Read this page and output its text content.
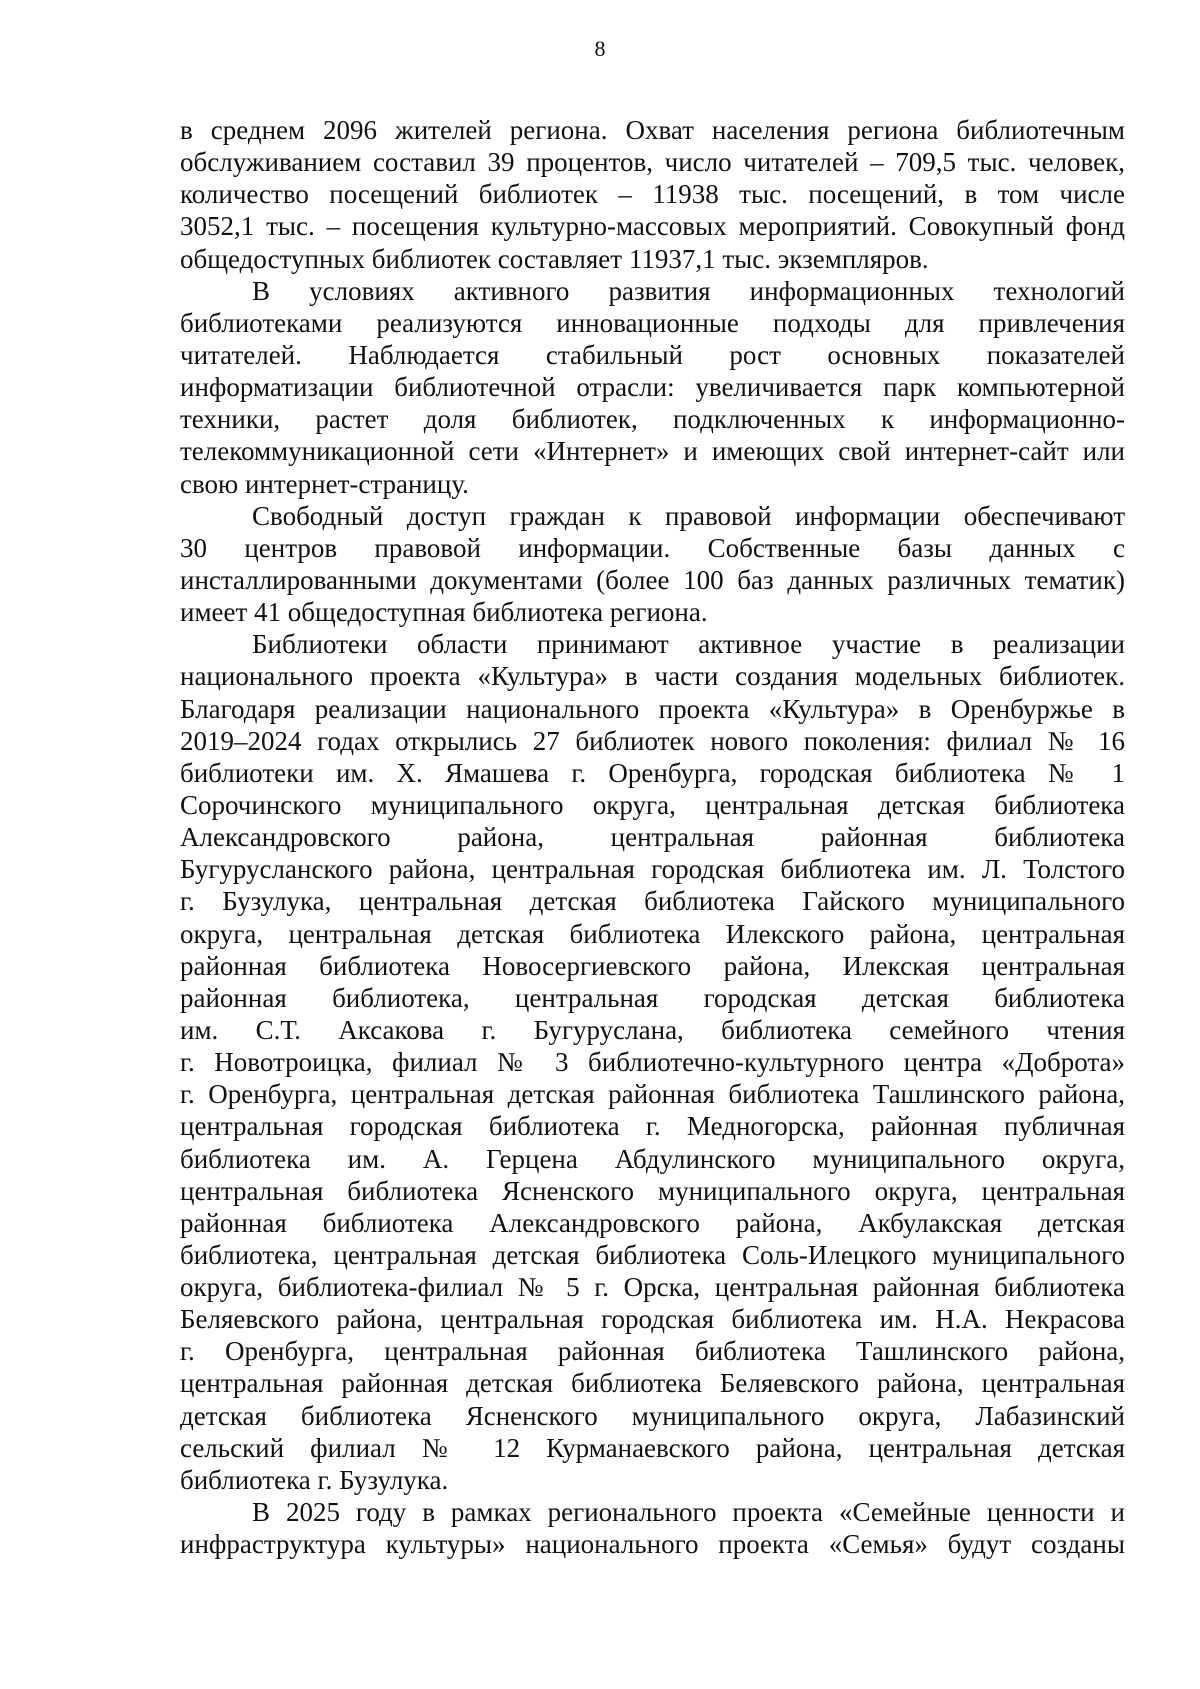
8
в среднем 2096 жителей региона. Охват населения региона библиотечным
обслуживанием составил 39 процентов, число читателей – 709,5 тыс. человек,
количество посещений библиотек – 11938 тыс. посещений, в том числе
3052,1 тыс. – посещения культурно-массовых мероприятий. Совокупный фонд
общедоступных библиотек составляет 11937,1 тыс. экземпляров.
В условиях активного развития информационных технологий
библиотеками реализуются инновационные подходы для привлечения
читателей. Наблюдается стабильный рост основных показателей
информатизации библиотечной отрасли: увеличивается парк компьютерной
техники, растет доля библиотек, подключенных к информационно-
телекоммуникационной сети «Интернет» и имеющих свой интернет-сайт или
свою интернет-страницу.
Свободный доступ граждан к правовой информации обеспечивают
30 центров правовой информации. Собственные базы данных с
инсталлированными документами (более 100 баз данных различных тематик)
имеет 41 общедоступная библиотека региона.
Библиотеки области принимают активное участие в реализации
национального проекта «Культура» в части создания модельных библиотек.
Благодаря реализации национального проекта «Культура» в Оренбуржье в
2019–2024 годах открылись 27 библиотек нового поколения: филиал № 16
библиотеки им. Х. Ямашева г. Оренбурга, городская библиотека № 1
Сорочинского муниципального округа, центральная детская библиотека
Александровского района, центральная районная библиотека
Бугурусланского района, центральная городская библиотека им. Л. Толстого
г. Бузулука, центральная детская библиотека Гайского муниципального
округа, центральная детская библиотека Илекского района, центральная
районная библиотека Новосергиевского района, Илекская центральная
районная библиотека, центральная городская детская библиотека
им. С.Т. Аксакова г. Бугуруслана, библиотека семейного чтения
г. Новотроицка, филиал № 3 библиотечно-культурного центра «Доброта»
г. Оренбурга, центральная детская районная библиотека Ташлинского района,
центральная городская библиотека г. Медногорска, районная публичная
библиотека им. А. Герцена Абдулинского муниципального округа,
центральная библиотека Ясненского муниципального округа, центральная
районная библиотека Александровского района, Акбулакская детская
библиотека, центральная детская библиотека Соль-Илецкого муниципального
округа, библиотека-филиал № 5 г. Орска, центральная районная библиотека
Беляевского района, центральная городская библиотека им. Н.А. Некрасова
г. Оренбурга, центральная районная библиотека Ташлинского района,
центральная районная детская библиотека Беляевского района, центральная
детская библиотека Ясненского муниципального округа, Лабазинский
сельский филиал № 12 Курманаевского района, центральная детская
библиотека г. Бузулука.
В 2025 году в рамках регионального проекта «Семейные ценности и
инфраструктура культуры» национального проекта «Семья» будут созданы
